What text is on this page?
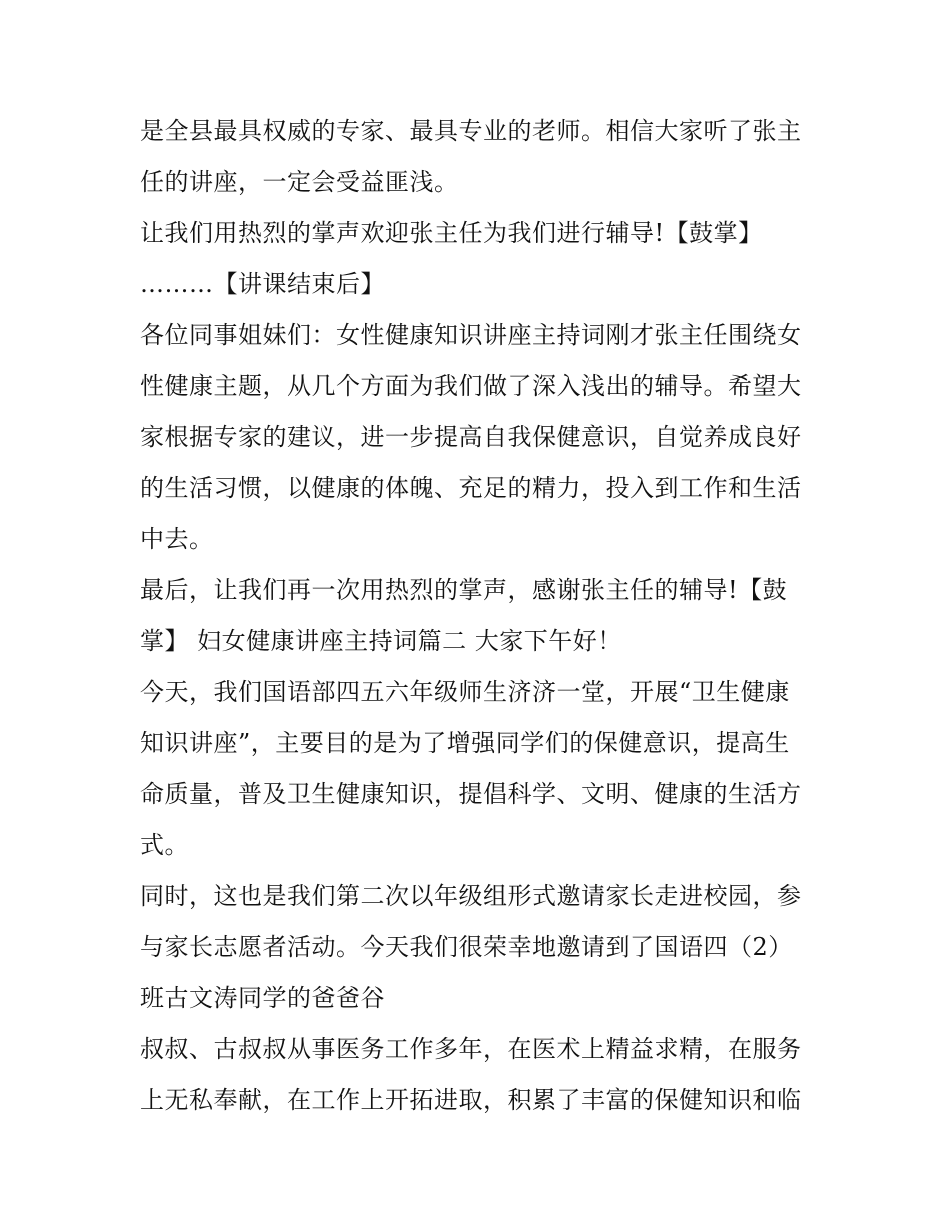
是全县最具权威的专家、最具专业的老师。相信大家听了张主任的讲座，一定会受益匪浅。

让我们用热烈的掌声欢迎张主任为我们进行辅导!【鼓掌】

………【讲课结束后】

各位同事姐妹们：女性健康知识讲座主持词刚才张主任围绕女性健康主题，从几个方面为我们做了深入浅出的辅导。希望大家根据专家的建议，进一步提高自我保健意识，自觉养成良好的生活习惯，以健康的体魄、充足的精力，投入到工作和生活中去。

最后，让我们再一次用热烈的掌声，感谢张主任的辅导!【鼓掌】 妇女健康讲座主持词篇二 大家下午好！

今天，我们国语部四五六年级师生济济一堂，开展“卫生健康知识讲座”，主要目的是为了增强同学们的保健意识，提高生命质量，普及卫生健康知识，提倡科学、文明、健康的生活方式。

同时，这也是我们第二次以年级组形式邀请家长走进校园，参与家长志愿者活动。今天我们很荣幸地邀请到了国语四（2）

班古文涛同学的爸爸谷

叔叔、古叔叔从事医务工作多年，在医术上精益求精，在服务上无私奉献，在工作上开拓进取，积累了丰富的保健知识和临
